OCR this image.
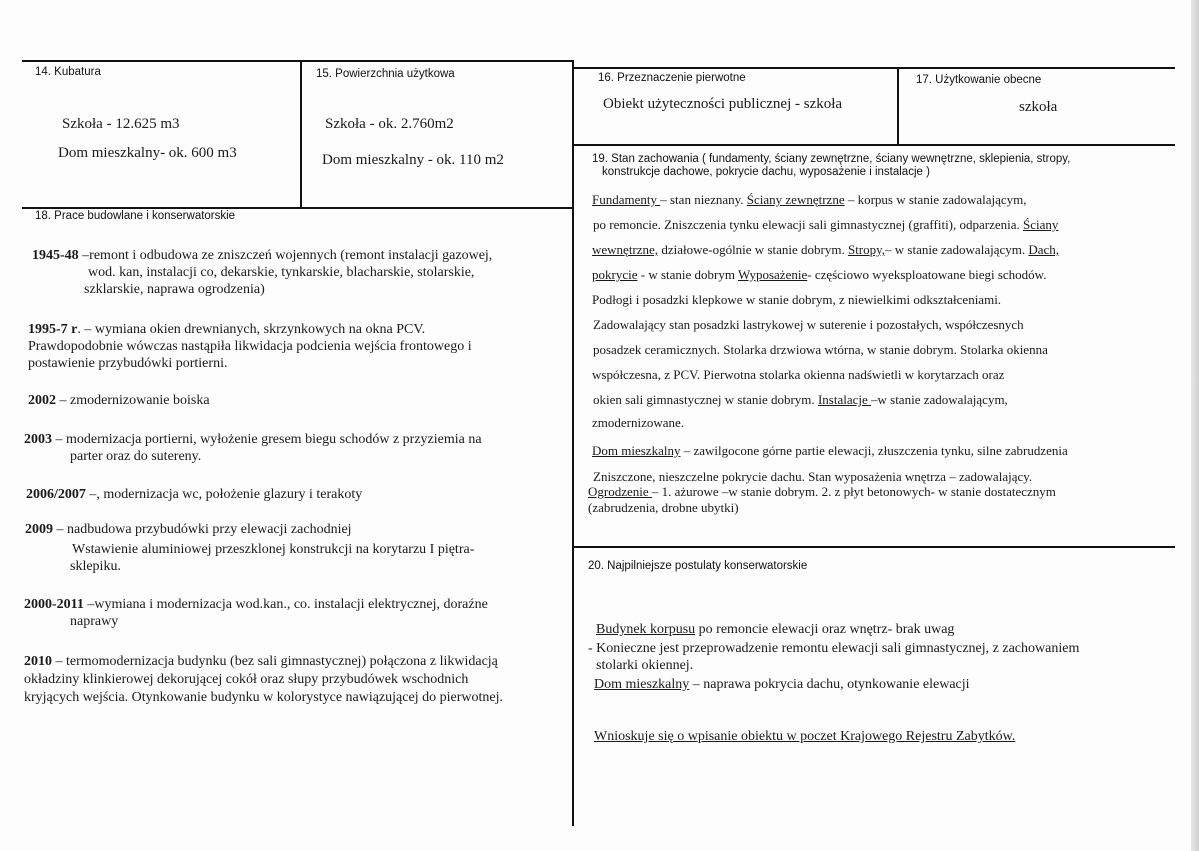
14. Kubatura
Szkoła - 12.625 m3
Dom mieszkalny- ok. 600 m3
15. Powierzchnia użytkowa
Szkoła - ok. 2.760m2
Dom mieszkalny - ok. 110 m2
16. Przeznaczenie pierwotne
Obiekt użyteczności publicznej - szkoła
17. Użytkowanie obecne
szkoła
18. Prace budowlane i konserwatorskie
1945-48 –remont i odbudowa ze zniszczeń wojennych (remont instalacji gazowej,
wod. kan, instalacji co, dekarskie, tynkarskie, blacharskie, stolarskie,
szklarskie, naprawa ogrodzenia)
1995-7 r. – wymiana okien drewnianych, skrzynkowych na okna PCV.
Prawdopodobnie wówczas nastąpiła likwidacja podcienia wejścia frontowego i
postawienie przybudówki portierni.
2002 – zmodernizowanie boiska
2003 – modernizacja portierni, wyłożenie gresem biegu schodów z przyziemia na
parter oraz do sutereny.
2006/2007 –, modernizacja wc, położenie glazury i terakoty
2009 – nadbudowa przybudówki przy elewacji zachodniej
Wstawienie aluminiowej przeszklonej konstrukcji na korytarzu I piętra-
sklepiku.
2000-2011 –wymiana i modernizacja wod.kan., co. instalacji elektrycznej, doraźne
naprawy
2010 – termomodernizacja budynku (bez sali gimnastycznej) połączona z likwidacją
okładziny klinkierowej dekorującej cokół oraz słupy przybudówek wschodnich
kryjących wejścia. Otynkowanie budynku w kolorystyce nawiązującej do pierwotnej.
19. Stan zachowania ( fundamenty, ściany zewnętrzne, ściany wewnętrzne, sklepienia, stropy,
konstrukcje dachowe, pokrycie dachu, wyposażenie i instalacje )
Fundamenty – stan nieznany. Ściany zewnętrzne – korpus w stanie zadowalającym,
po remoncie. Zniszczenia tynku elewacji sali gimnastycznej (graffiti), odparzenia. Ściany
wewnętrzne, działowe-ogólnie w stanie dobrym. Stropy,– w stanie zadowalającym. Dach,
pokrycie - w stanie dobrym Wyposażenie- częściowo wyeksploatowane biegi schodów.
Podłogi i posadzki klepkowe w stanie dobrym, z niewielkimi odkształceniami.
Zadowalający stan posadzki lastrykowej w suterenie i pozostałych, współczesnych
posadzek ceramicznych. Stolarka drzwiowa wtórna, w stanie dobrym. Stolarka okienna
współczesna, z PCV. Pierwotna stolarka okienna nadświetli w korytarzach oraz
okien sali gimnastycznej w stanie dobrym. Instalacje –w stanie zadowalającym,
zmodernizowane.
Dom mieszkalny – zawilgocone górne partie elewacji, złuszczenia tynku, silne zabrudzenia
Zniszczone, nieszczelne pokrycie dachu. Stan wyposażenia wnętrza – zadowalający.
Ogrodzenie – 1. ażurowe –w stanie dobrym. 2. z płyt betonowych- w stanie dostatecznym
(zabrudzenia, drobne ubytki)
20. Najpilniejsze postulaty konserwatorskie
Budynek korpusu po remoncie elewacji oraz wnętrz- brak uwag
- Konieczne jest przeprowadzenie remontu elewacji sali gimnastycznej, z zachowaniem
stolarki okiennej.
Dom mieszkalny – naprawa pokrycia dachu, otynkowanie elewacji
Wnioskuje się o wpisanie obiektu w poczet Krajowego Rejestru Zabytków.
